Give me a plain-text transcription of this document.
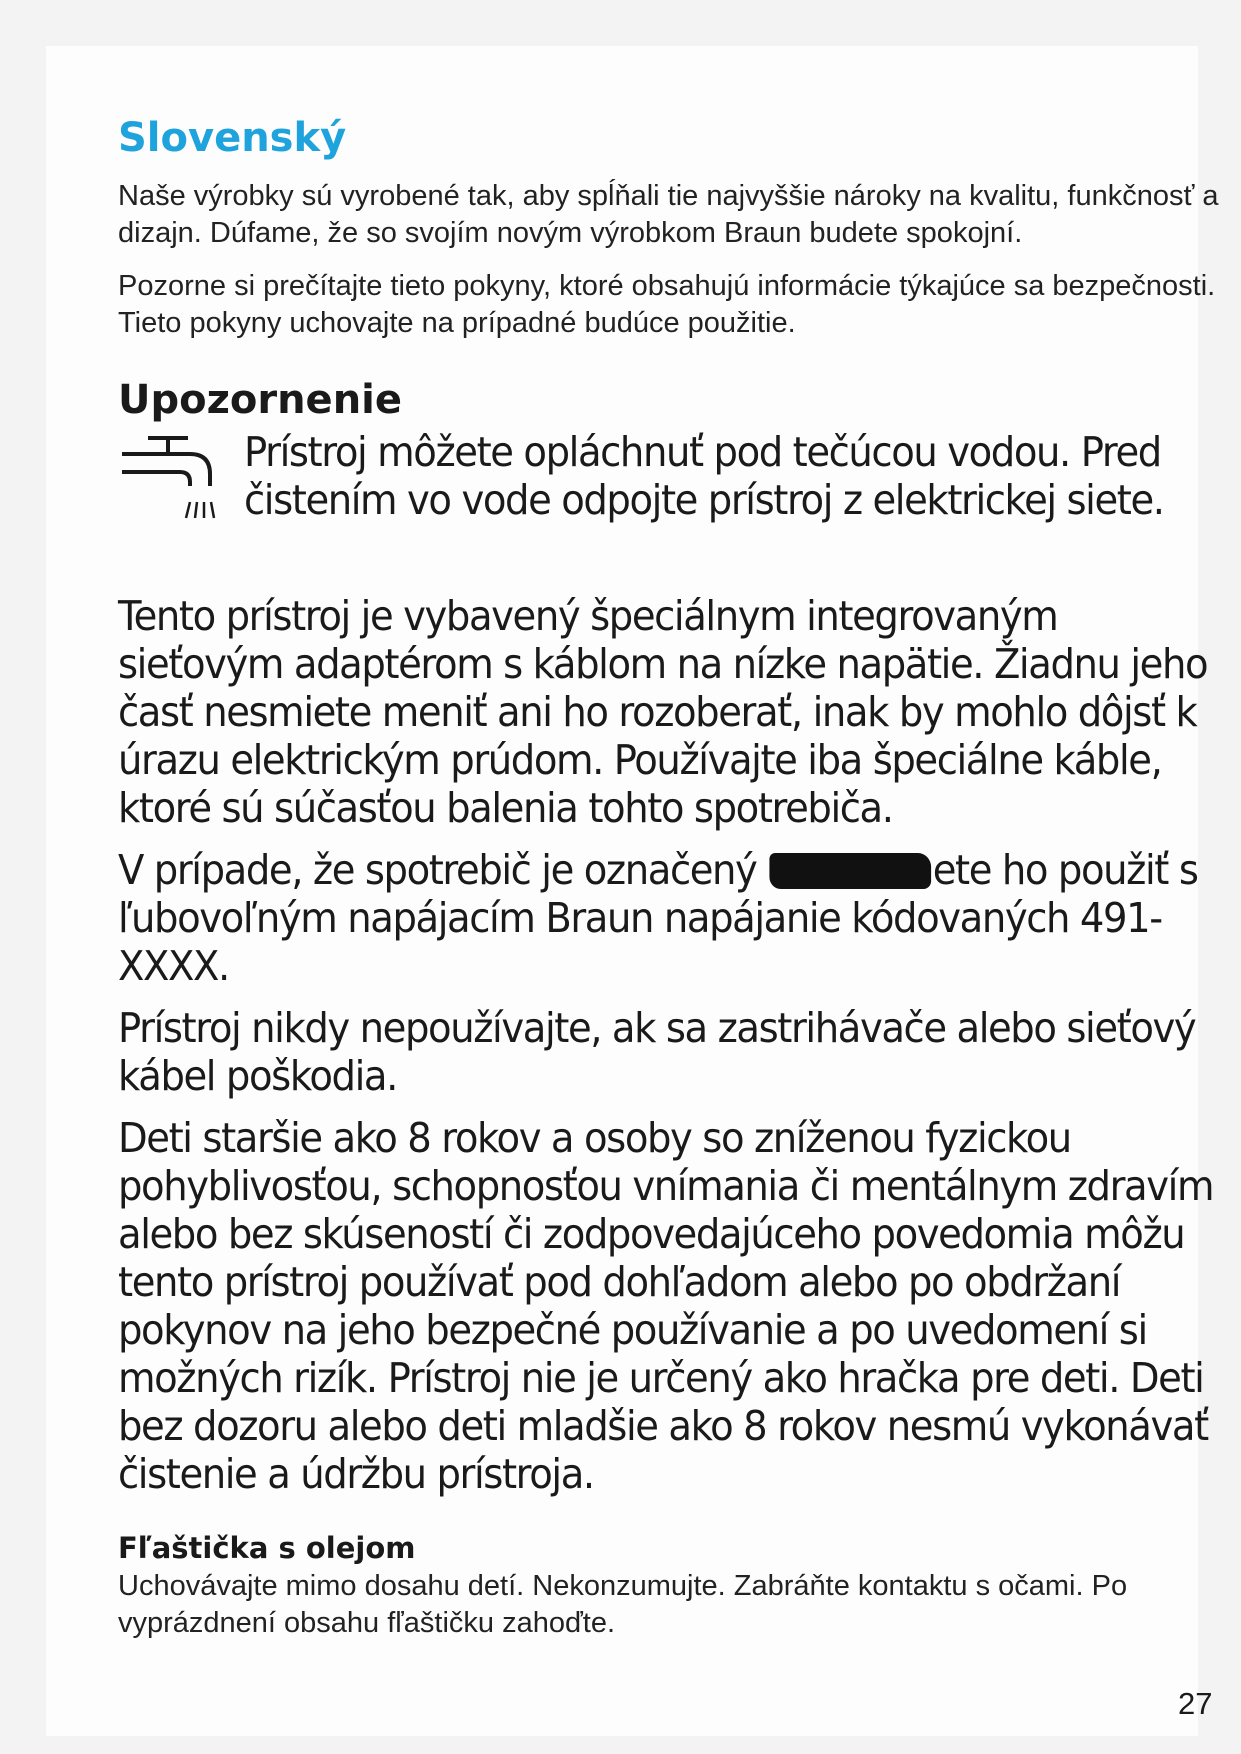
Slovenský

Naše výrobky sú vyrobené tak, aby spĺňali tie najvyššie nároky na kvalitu, funkčnosť a dizajn. Dúfame, že so svojím novým výrobkom Braun budete spokojní.

Pozorne si prečítajte tieto pokyny, ktoré obsahujú informácie týkajúce sa bezpečnosti. Tieto pokyny uchovajte na prípadné budúce použitie.

Upozornenie

Prístroj môžete opláchnuť pod tečúcou vodou. Pred čistením vo vode odpojte prístroj z elektrickej siete.

Tento prístroj je vybavený špeciálnym integrovaným sieťovým adaptérom s káblom na nízke napätie. Žiadnu jeho časť nesmiete meniť ani ho rozoberať, inak by mohlo dôjsť k úrazu elektrickým prúdom. Používajte iba špeciálne káble, ktoré sú súčasťou balenia tohto spotrebiča.

V prípade, že spotrebič je označený	ete ho použiť s ľubovoľným napájacím Braun napájanie kódovaných 491-XXXX.

Prístroj nikdy nepoužívajte, ak sa zastrihávače alebo sieťový kábel poškodia.

Deti staršie ako 8 rokov a osoby so zníženou fyzickou pohyblivosťou, schopnosťou vnímania či mentálnym zdravím alebo bez skúseností či zodpovedajúceho povedomia môžu tento prístroj používať pod dohľadom alebo po obdržaní pokynov na jeho bezpečné používanie a po uvedomení si možných rizík. Prístroj nie je určený ako hračka pre deti. Deti bez dozoru alebo deti mladšie ako 8 rokov nesmú vykonávať čistenie a údržbu prístroja.

Fľaštička s olejom

Uchovávajte mimo dosahu detí. Nekonzumujte. Zabráňte kontaktu s očami. Po vyprázdnení obsahu fľaštičku zahoďte.

27
